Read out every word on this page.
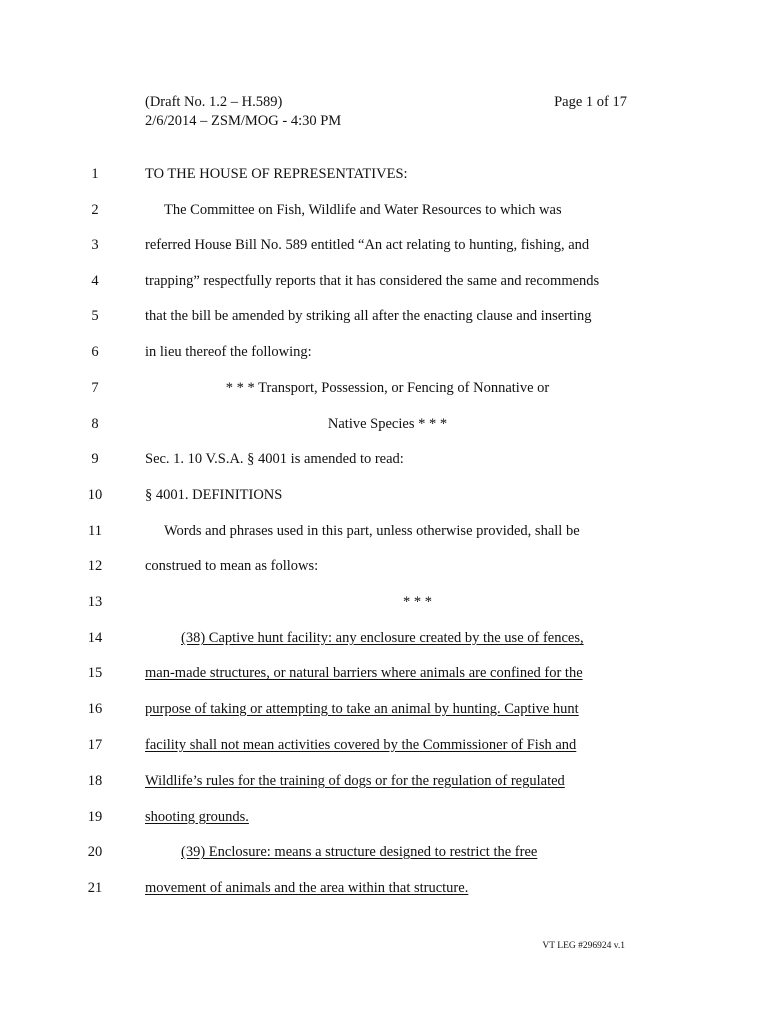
(Draft No. 1.2 – H.589)
2/6/2014 – ZSM/MOG - 4:30 PM
Page 1 of 17
1	TO THE HOUSE OF REPRESENTATIVES:
2	The Committee on Fish, Wildlife and Water Resources to which was
3	referred House Bill No. 589 entitled “An act relating to hunting, fishing, and
4	trapping” respectfully reports that it has considered the same and recommends
5	that the bill be amended by striking all after the enacting clause and inserting
6	in lieu thereof the following:
7	* * * Transport, Possession, or Fencing of Nonnative or
8	Native Species * * *
9	Sec. 1. 10 V.S.A. § 4001 is amended to read:
10	§ 4001. DEFINITIONS
11	Words and phrases used in this part, unless otherwise provided, shall be
12	construed to mean as follows:
13	* * *
14	(38) Captive hunt facility: any enclosure created by the use of fences,
15	man-made structures, or natural barriers where animals are confined for the
16	purpose of taking or attempting to take an animal by hunting. Captive hunt
17	facility shall not mean activities covered by the Commissioner of Fish and
18	Wildlife’s rules for the training of dogs or for the regulation of regulated
19	shooting grounds.
20	(39) Enclosure: means a structure designed to restrict the free
21	movement of animals and the area within that structure.
VT LEG #296924 v.1
